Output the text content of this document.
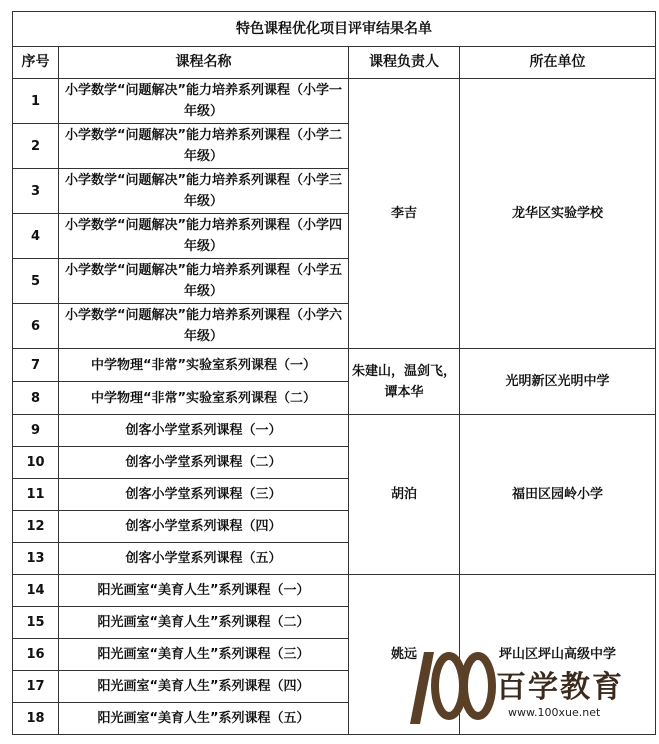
特色课程优化项目评审结果名单			
序号	课程名称	课程负责人	所在单位
1	小学数学“问题解决”能力培养系列课程（小学一年级）	李吉	龙华区实验学校
2	小学数学“问题解决”能力培养系列课程（小学二年级）		
3	小学数学“问题解决”能力培养系列课程（小学三年级）		
4	小学数学“问题解决”能力培养系列课程（小学四年级）		
5	小学数学“问题解决”能力培养系列课程（小学五年级）		
6	小学数学“问题解决”能力培养系列课程（小学六年级）		
7	中学物理“非常”实验室系列课程（一）	朱建山，温剑飞，谭本华	光明新区光明中学
8	中学物理“非常”实验室系列课程（二）		
9	创客小学堂系列课程（一）	胡泊	福田区园岭小学
10	创客小学堂系列课程（二）		
11	创客小学堂系列课程（三）		
12	创客小学堂系列课程（四）		
13	创客小学堂系列课程（五）		
14	阳光画室“美育人生”系列课程（一）	姚远	坪山区坪山高级中学
15	阳光画室“美育人生”系列课程（二）		
16	阳光画室“美育人生”系列课程（三）		
17	阳光画室“美育人生”系列课程（四）		
18	阳光画室“美育人生”系列课程（五）		
百学教育
www.100xue.net
